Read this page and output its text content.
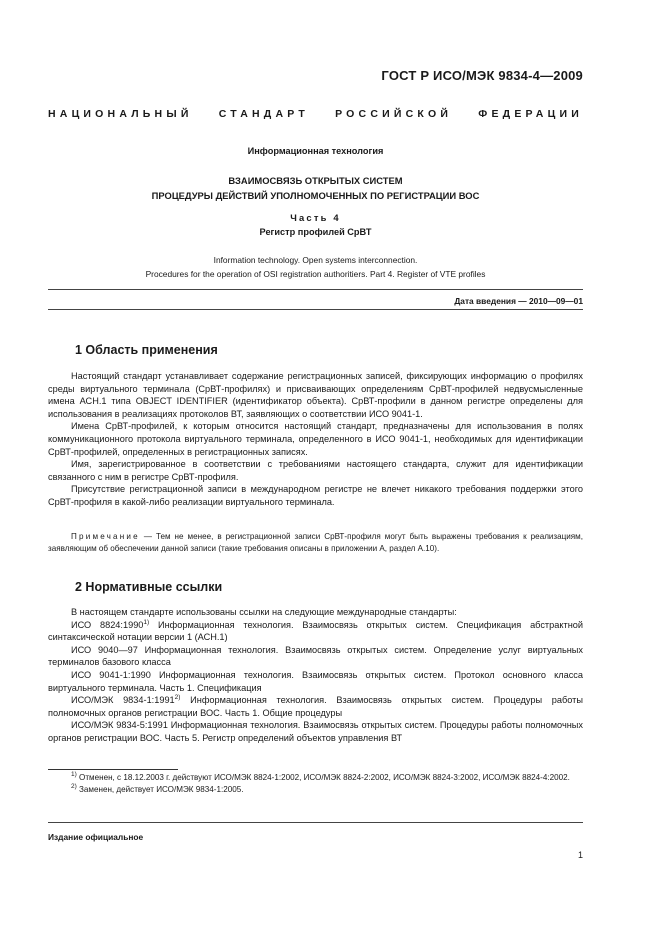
ГОСТ Р ИСО/МЭК 9834-4—2009
НАЦИОНАЛЬНЫЙ СТАНДАРТ РОССИЙСКОЙ ФЕДЕРАЦИИ
Информационная технология
ВЗАИМОСВЯЗЬ ОТКРЫТЫХ СИСТЕМ
ПРОЦЕДУРЫ ДЕЙСТВИЙ УПОЛНОМОЧЕННЫХ ПО РЕГИСТРАЦИИ ВОС
Часть 4
Регистр профилей СрВТ
Information technology. Open systems interconnection.
Procedures for the operation of OSI registration authoritiers. Part 4. Register of VTE profiles
Дата введения — 2010—09—01
1 Область применения

Настоящий стандарт устанавливает содержание регистрационных записей, фиксирующих информацию о профилях среды виртуального терминала (СрВТ-профилях) и присваивающих определениям СрВТ-профилей недвусмысленные имена АСН.1 типа OBJECT IDENTIFIER (идентификатор объекта). СрВТ-профили в данном регистре определены для использования в реализациях протоколов ВТ, заявляющих о соответствии ИСО 9041-1.

Имена СрВТ-профилей, к которым относится настоящий стандарт, предназначены для использования в полях коммуникационного протокола виртуального терминала, определенного в ИСО 9041-1, необходимых для идентификации СрВТ-профилей, определенных в регистрационных записях.

Имя, зарегистрированное в соответствии с требованиями настоящего стандарта, служит для идентификации связанного с ним в регистре СрВТ-профиля.

Присутствие регистрационной записи в международном регистре не влечет никакого требования поддержки этого СрВТ-профиля в какой-либо реализации виртуального терминала.

Примечание — Тем не менее, в регистрационной записи СрВТ-профиля могут быть выражены требования к реализациям, заявляющим об обеспечении данной записи (такие требования описаны в приложении А, раздел А.10).
2 Нормативные ссылки

В настоящем стандарте использованы ссылки на следующие международные стандарты:

ИСО 8824:1990$^{1)}$ Информационная технология. Взаимосвязь открытых систем. Спецификация абстрактной синтаксической нотации версии 1 (АСН.1)

ИСО 9040—97 Информационная технология. Взаимосвязь открытых систем. Определение услуг виртуальных терминалов базового класса

ИСО 9041-1:1990 Информационная технология. Взаимосвязь открытых систем. Протокол основного класса виртуального терминала. Часть 1. Спецификация

ИСО/МЭК 9834-1:1991$^{2)}$ Информационная технология. Взаимосвязь открытых систем. Процедуры работы полномочных органов регистрации ВОС. Часть 1. Общие процедуры

ИСО/МЭК 9834-5:1991 Информационная технология. Взаимосвязь открытых систем. Процедуры работы полномочных органов регистрации ВОС. Часть 5. Регистр определений объектов управления ВТ

$^{1)}$ Отменен, с 18.12.2003 г. действуют ИСО/МЭК 8824-1:2002, ИСО/МЭК 8824-2:2002, ИСО/МЭК 8824-3:2002, ИСО/МЭК 8824-4:2002.

$^{2)}$ Заменен, действует ИСО/МЭК 9834-1:2005.

Издание официальное
1
